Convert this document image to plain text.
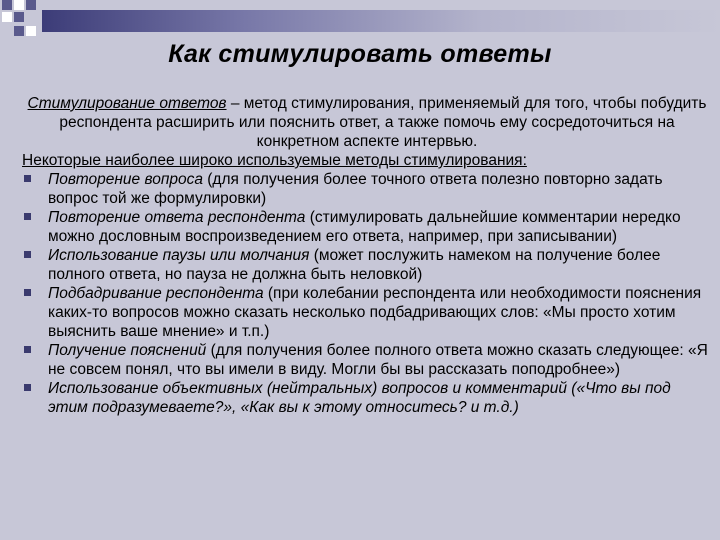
Как стимулировать ответы
Стимулирование ответов – метод стимулирования, применяемый для того, чтобы побудить респондента расширить или пояснить ответ, а также помочь ему сосредоточиться на конкретном аспекте интервью.
Некоторые наиболее широко используемые методы стимулирования:
Повторение вопроса (для получения более точного ответа полезно повторно задать вопрос той же формулировки)
Повторение ответа респондента (стимулировать дальнейшие комментарии нередко можно дословным воспроизведением его ответа, например, при записывании)
Использование паузы или молчания (может послужить намеком на получение более полного ответа, но пауза не должна быть неловкой)
Подбадривание респондента (при колебании респондента или необходимости пояснения каких-то вопросов можно сказать несколько подбадривающих слов: «Мы просто хотим выяснить ваше мнение» и т.п.)
Получение пояснений (для получения более полного ответа можно сказать следующее: «Я не совсем понял, что вы имели в виду. Могли бы вы рассказать поподробнее»)
Использование объективных (нейтральных) вопросов и комментарий («Что вы под этим подразумеваете?», «Как вы к этому относитесь? и т.д.)
